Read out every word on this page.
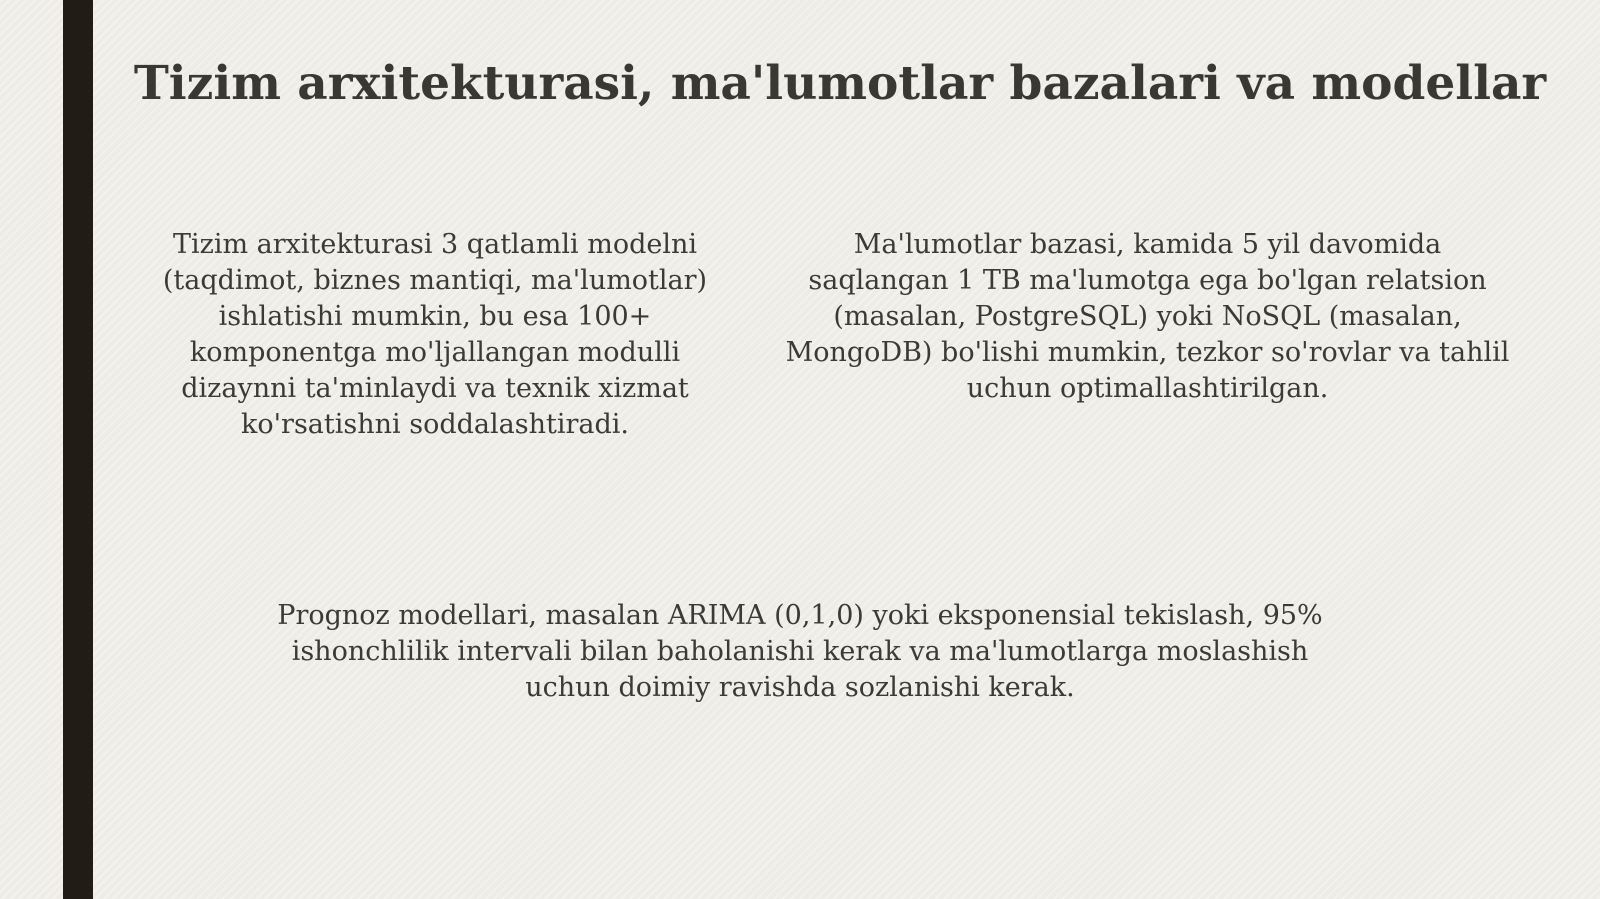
Tizim arxitekturasi, ma'lumotlar bazalari va modellar
Tizim arxitekturasi 3 qatlamli modelni (taqdimot, biznes mantiqi, ma'lumotlar) ishlatishi mumkin, bu esa 100+ komponentga mo'ljallangan modulli dizaynni ta'minlaydi va texnik xizmat ko'rsatishni soddalashtiradi.
Ma'lumotlar bazasi, kamida 5 yil davomida saqlangan 1 TB ma'lumotga ega bo'lgan relatsion (masalan, PostgreSQL) yoki NoSQL (masalan, MongoDB) bo'lishi mumkin, tezkor so'rovlar va tahlil uchun optimallashtirilgan.
Prognoz modellari, masalan ARIMA (0,1,0) yoki eksponensial tekislash, 95% ishonchlilik intervali bilan baholanishi kerak va ma'lumotlarga moslashish uchun doimiy ravishda sozlanishi kerak.
